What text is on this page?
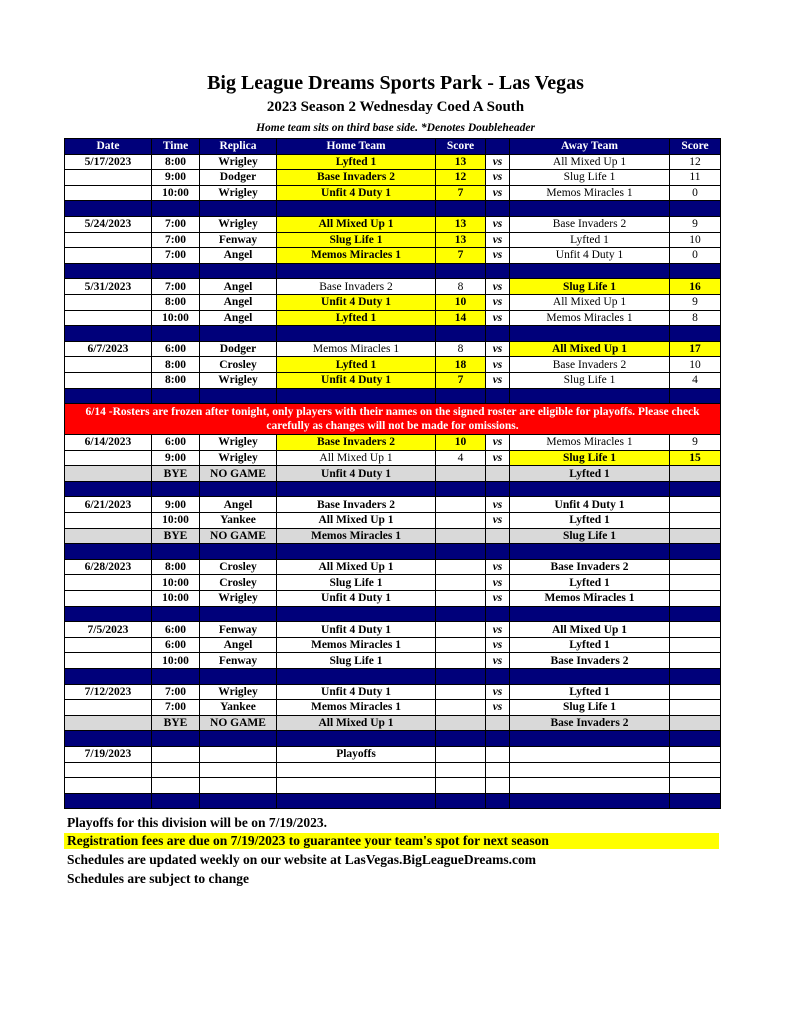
Big League Dreams Sports Park - Las Vegas
2023 Season 2 Wednesday Coed A South
Home team sits on third base side. *Denotes Doubleheader
Date	Time	Replica	Home Team	Score		Away Team	Score
5/17/2023	8:00	Wrigley	Lyfted 1	13	vs	All Mixed Up 1	12
	9:00	Dodger	Base Invaders 2	12	vs	Slug Life 1	11
	10:00	Wrigley	Unfit 4 Duty 1	7	vs	Memos Miracles 1	0

5/24/2023	7:00	Wrigley	All Mixed Up 1	13	vs	Base Invaders 2	9
	7:00	Fenway	Slug Life 1	13	vs	Lyfted 1	10
	7:00	Angel	Memos Miracles 1	7	vs	Unfit 4 Duty 1	0

5/31/2023	7:00	Angel	Base Invaders 2	8	vs	Slug Life 1	16
	8:00	Angel	Unfit 4 Duty 1	10	vs	All Mixed Up 1	9
	10:00	Angel	Lyfted 1	14	vs	Memos Miracles 1	8

6/7/2023	6:00	Dodger	Memos Miracles 1	8	vs	All Mixed Up 1	17
	8:00	Crosley	Lyfted 1	18	vs	Base Invaders 2	10
	8:00	Wrigley	Unfit 4 Duty 1	7	vs	Slug Life 1	4

6/14 -Rosters are frozen after tonight, only players with their names on the signed roster are eligible for playoffs. Please check carefully as changes will not be made for omissions.							
6/14/2023	6:00	Wrigley	Base Invaders 2	10	vs	Memos Miracles 1	9
	9:00	Wrigley	All Mixed Up 1	4	vs	Slug Life 1	15
	BYE	NO GAME	Unfit 4 Duty 1			Lyfted 1	

6/21/2023	9:00	Angel	Base Invaders 2		vs	Unfit 4 Duty 1	
	10:00	Yankee	All Mixed Up 1		vs	Lyfted 1	
	BYE	NO GAME	Memos Miracles 1			Slug Life 1	

6/28/2023	8:00	Crosley	All Mixed Up 1		vs	Base Invaders 2	
	10:00	Crosley	Slug Life 1		vs	Lyfted 1	
	10:00	Wrigley	Unfit 4 Duty 1		vs	Memos Miracles 1	

7/5/2023	6:00	Fenway	Unfit 4 Duty 1		vs	All Mixed Up 1	
	6:00	Angel	Memos Miracles 1		vs	Lyfted 1	
	10:00	Fenway	Slug Life 1		vs	Base Invaders 2	

7/12/2023	7:00	Wrigley	Unfit 4 Duty 1		vs	Lyfted 1	
	7:00	Yankee	Memos Miracles 1		vs	Slug Life 1	
	BYE	NO GAME	All Mixed Up 1			Base Invaders 2	

7/19/2023			Playoffs				

Playoffs for this division will be on 7/19/2023.
Registration fees are due on 7/19/2023 to guarantee your team's spot for next season
Schedules are updated weekly on our website at LasVegas.BigLeagueDreams.com
Schedules are subject to change
